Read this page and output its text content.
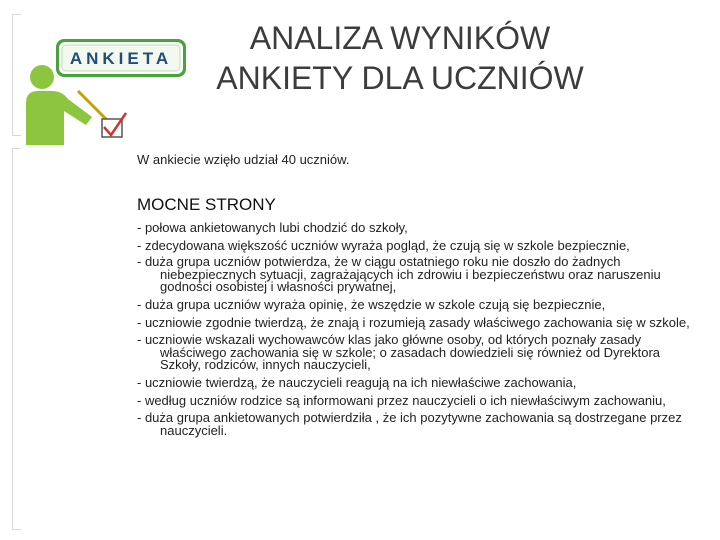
ANKIETA
ANALIZA WYNIKÓW
ANKIETY DLA UCZNIÓW
W ankiecie wzięło udział 40 uczniów.
MOCNE STRONY
- połowa ankietowanych lubi chodzić do szkoły,
- zdecydowana większość uczniów wyraża pogląd, że czują się w szkole bezpiecznie,
- duża grupa uczniów potwierdza, że w ciągu ostatniego roku nie doszło do żadnych niebezpiecznych sytuacji, zagrażających ich zdrowiu i bezpieczeństwu oraz naruszeniu godności osobistej i własności prywatnej,
- duża grupa uczniów wyraża opinię, że wszędzie w szkole czują się bezpiecznie,
- uczniowie zgodnie twierdzą, że znają i rozumieją zasady właściwego zachowania się w szkole,
- uczniowie wskazali wychowawców klas jako główne osoby, od których poznały zasady właściwego zachowania się w szkole; o zasadach dowiedzieli się również od Dyrektora Szkoły, rodziców, innych nauczycieli,
- uczniowie twierdzą, że nauczycieli reagują na ich niewłaściwe zachowania,
- według uczniów rodzice są informowani przez nauczycieli o ich niewłaściwym zachowaniu,
- duża grupa ankietowanych potwierdziła , że ich pozytywne zachowania są dostrzegane przez nauczycieli.
